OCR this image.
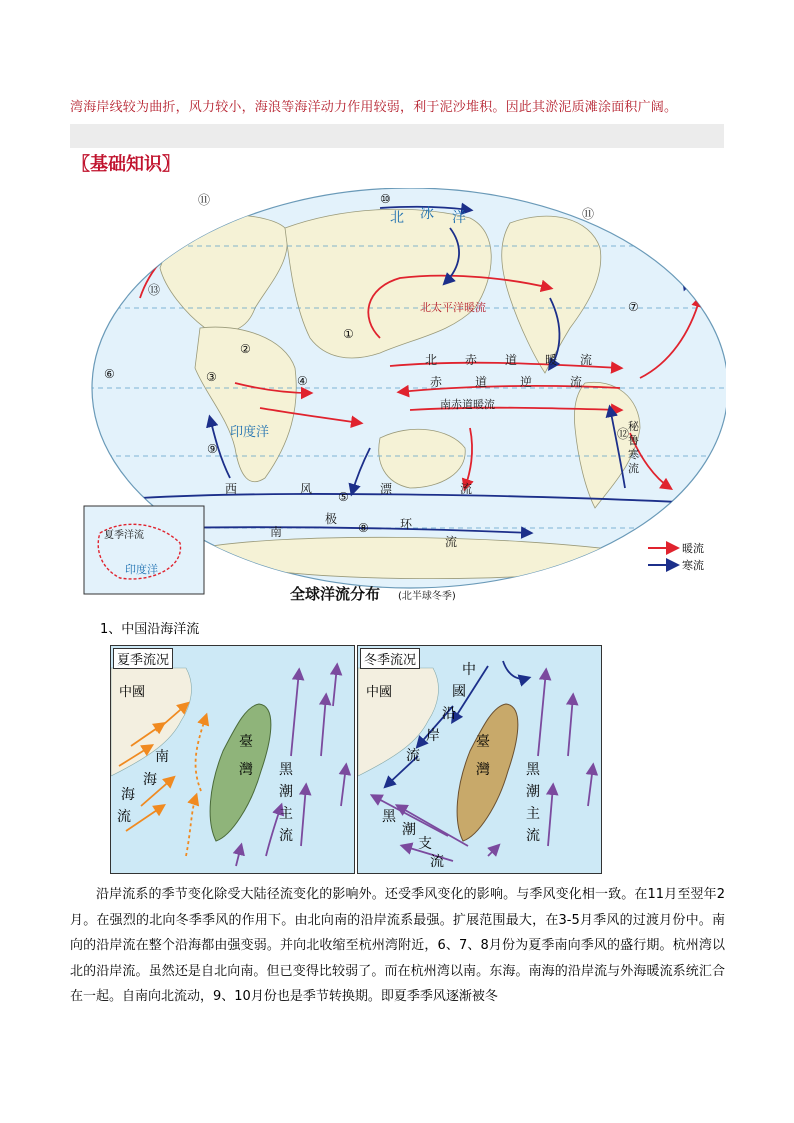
湾海岸线较为曲折，风力较小，海浪等海洋动力作用较弱，利于泥沙堆积。因此其淤泥质滩涂面积广阔。
〖基础知识〗
北太平洋暖流
北 赤 道 暖 流
赤	道	逆	流
南赤道暖流
西	风	漂	流
南
极	环
流
北 冰 洋
印度洋	秘
鲁
寒
流
①
②
③	④
⑤
⑥
⑦
⑧
⑨
⑩
⑪
⑪
⑫
⑬
夏季洋流
印度洋
暖流
寒流
全球洋流分布 (北半球冬季)
1、中国沿海洋流
夏季流况
中國
臺
灣
南
海
海
流
黑
潮
主
流
冬季流况
中國
中
國
沿
岸
流
臺
灣	黑
潮
主
流
黑
潮
支
流
沿岸流系的季节变化除受大陆径流变化的影响外。还受季风变化的影响。与季风变化相一致。在11月至翌年2月。在强烈的北向冬季季风的作用下。由北向南的沿岸流系最强。扩展范围最大，在3-5月季风的过渡月份中。南向的沿岸流在整个沿海都由强变弱。并向北收缩至杭州湾附近，6、7、8月份为夏季南向季风的盛行期。杭州湾以北的沿岸流。虽然还是自北向南。但已变得比较弱了。而在杭州湾以南。东海。南海的沿岸流与外海暖流系统汇合在一起。自南向北流动，9、10月份也是季节转换期。即夏季季风逐渐被冬
